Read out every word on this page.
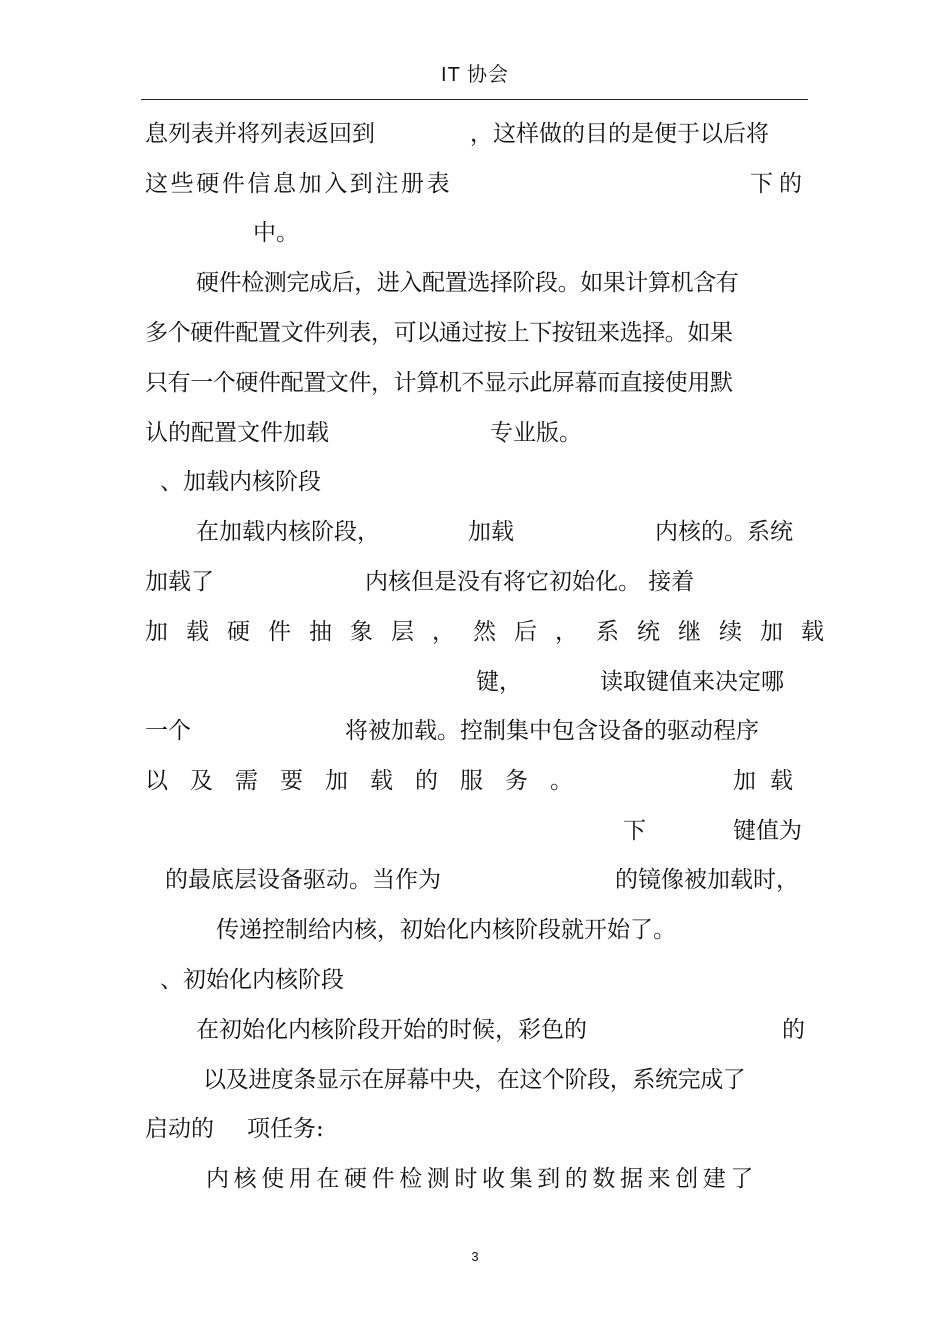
IT 协会
息列表并将列表返回到	，这样做的目的是便于以后将
这些硬件信息加入到注册表	下的
中。
硬件检测完成后，进入配置选择阶段。如果计算机含有
多个硬件配置文件列表，可以通过按上下按钮来选择。如果
只有一个硬件配置文件，计算机不显示此屏幕而直接使用默
认的配置文件加载	专业版。
、加载内核阶段
在加载内核阶段，	加载	内核的。系统
加载了	内核但是没有将它初始化。 接着
加载硬件抽象层，然后，系统继续加载
键，	读取键值来决定哪
一个	将被加载。控制集中包含设备的驱动程序
以及需要加载的服务。	加载
下	键值为
的最底层设备驱动。当作为	的镜像被加载时，
传递控制给内核，初始化内核阶段就开始了。
、初始化内核阶段
在初始化内核阶段开始的时候，彩色的	的
以及进度条显示在屏幕中央，在这个阶段，系统完成了
启动的 项任务:
内核使用在硬件检测时收集到的数据来创建了
3
